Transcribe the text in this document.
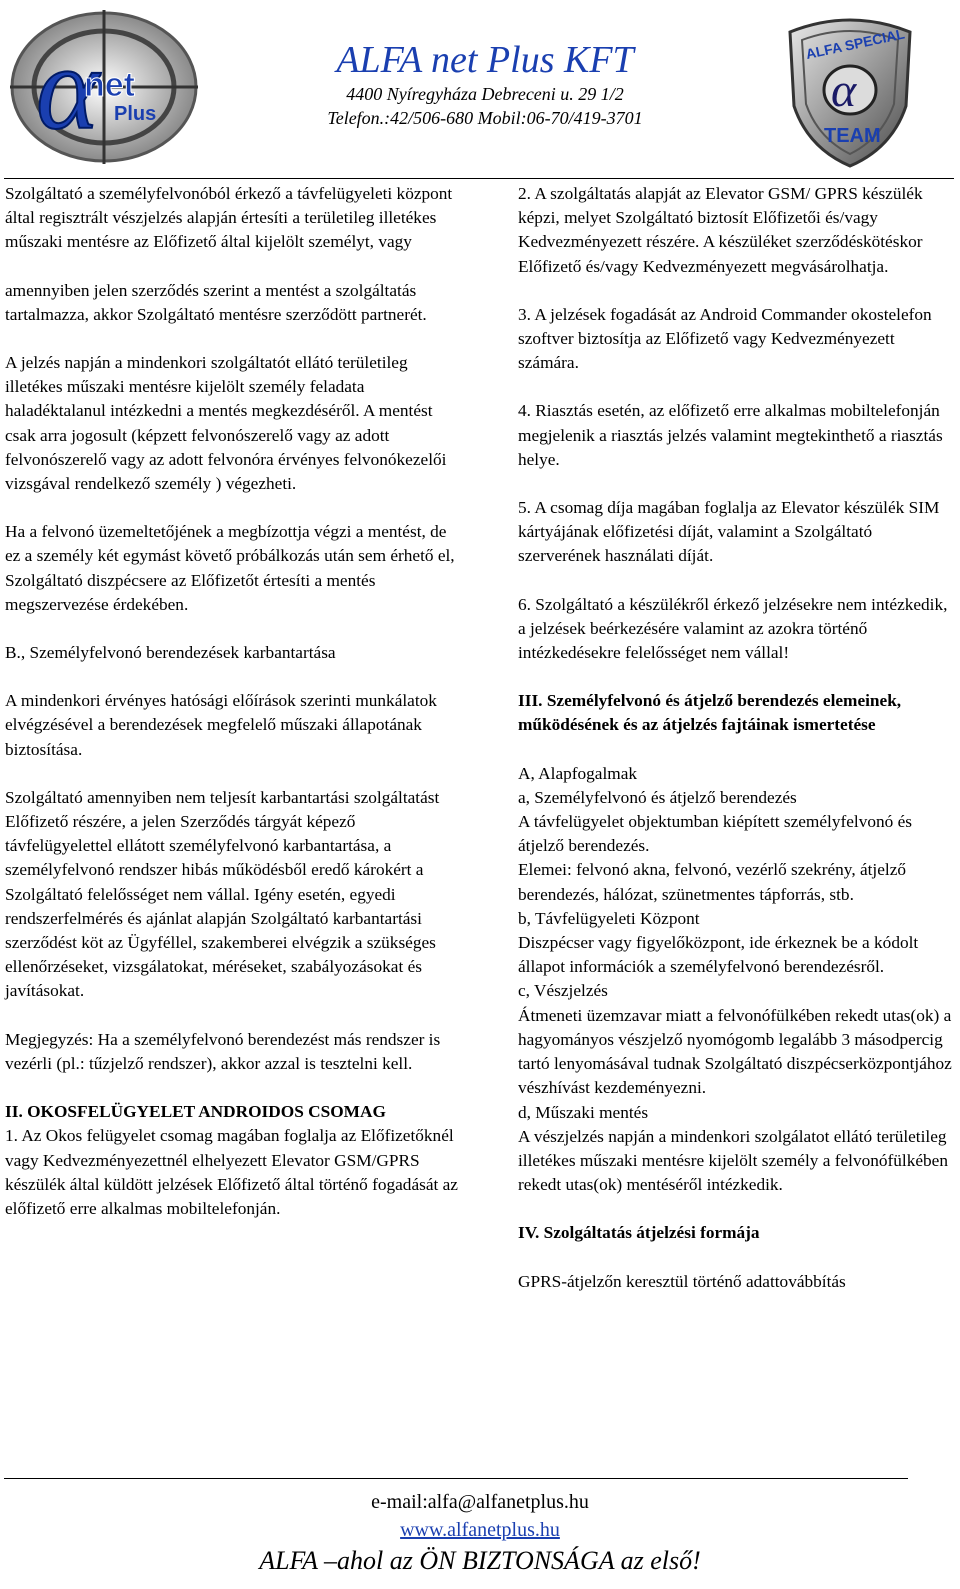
α
net
Plus
ALFA net Plus KFT
4400 Nyíregyháza Debreceni u. 29 1/2
Telefon.:42/506-680 Mobil:06-70/419-3701
α
ALFA SPECIAL
TEAM

Szolgáltató a személyfelvonóból érkező a távfelügyeleti központ által regisztrált vészjelzés alapján értesíti a területileg illetékes műszaki mentésre az Előfizető által kijelölt személyt, vagy

amennyiben jelen szerződés szerint a mentést a szolgáltatás tartalmazza, akkor Szolgáltató mentésre szerződött partnerét.

A jelzés napján a mindenkori szolgáltatót ellátó területileg illetékes műszaki mentésre kijelölt személy feladata haladéktalanul intézkedni a mentés megkezdéséről. A mentést csak arra jogosult (képzett felvonószerelő vagy az adott felvonószerelő vagy az adott felvonóra érvényes felvonókezelői vizsgával rendelkező személy ) végezheti.

Ha a felvonó üzemeltetőjének a megbízottja végzi a mentést, de ez a személy két egymást követő próbálkozás után sem érhető el, Szolgáltató diszpécsere az Előfizetőt értesíti a mentés megszervezése érdekében.

B., Személyfelvonó berendezések karbantartása

A mindenkori érvényes hatósági előírások szerinti munkálatok elvégzésével a berendezések megfelelő műszaki állapotának biztosítása.

Szolgáltató amennyiben nem teljesít karbantartási szolgáltatást Előfizető részére, a jelen Szerződés tárgyát képező távfelügyelettel ellátott személyfelvonó karbantartása, a személyfelvonó rendszer hibás működésből eredő károkért a Szolgáltató felelősséget nem vállal. Igény esetén, egyedi rendszerfelmérés és ajánlat alapján Szolgáltató karbantartási szerződést köt az Ügyféllel, szakemberei elvégzik a szükséges ellenőrzéseket, vizsgálatokat, méréseket, szabályozásokat és javításokat.

Megjegyzés: Ha a személyfelvonó berendezést más rendszer is vezérli (pl.: tűzjelző rendszer), akkor azzal is tesztelni kell.

II. OKOSFELÜGYELET ANDROIDOS CSOMAG

1. Az Okos felügyelet csomag magában foglalja az Előfizetőknél vagy Kedvezményezettnél elhelyezett Elevator GSM/GPRS készülék által küldött jelzések Előfizető által történő fogadását az előfizető erre alkalmas mobiltelefonján.

2. A szolgáltatás alapját az Elevator GSM/ GPRS készülék képzi, melyet Szolgáltató biztosít Előfizetői és/vagy Kedvezményezett részére. A készüléket szerződéskötéskor Előfizető és/vagy Kedvezményezett megvásárolhatja.

3. A jelzések fogadását az Android Commander okostelefon szoftver biztosítja az Előfizető vagy Kedvezményezett számára.

4. Riasztás esetén, az előfizető erre alkalmas mobiltelefonján megjelenik a riasztás jelzés valamint megtekinthető a riasztás helye.

5. A csomag díja magában foglalja az Elevator készülék SIM kártyájának előfizetési díját, valamint a Szolgáltató szerverének használati díját.

6. Szolgáltató a készülékről érkező jelzésekre nem intézkedik, a jelzések beérkezésére valamint az azokra történő intézkedésekre felelősséget nem vállal!

III. Személyfelvonó és átjelző berendezés elemeinek, működésének és az átjelzés fajtáinak ismertetése

A, Alapfogalmak

a, Személyfelvonó és átjelző berendezés

A távfelügyelet objektumban kiépített személyfelvonó és átjelző berendezés.

Elemei: felvonó akna, felvonó, vezérlő szekrény, átjelző berendezés, hálózat, szünetmentes tápforrás, stb.

b, Távfelügyeleti Központ

Diszpécser vagy figyelőközpont, ide érkeznek be a kódolt állapot információk a személyfelvonó berendezésről.

c, Vészjelzés

Átmeneti üzemzavar miatt a felvonófülkében rekedt utas(ok) a hagyományos vészjelző nyomógomb legalább 3 másodpercig tartó lenyomásával tudnak Szolgáltató diszpécserközpontjához vészhívást kezdeményezni.

d, Műszaki mentés

A vészjelzés napján a mindenkori szolgálatot ellátó területileg illetékes műszaki mentésre kijelölt személy a felvonófülkében rekedt utas(ok) mentéséről intézkedik.

IV. Szolgáltatás átjelzési formája

GPRS-átjelzőn keresztül történő adattovábbítás

e-mail:alfa@alfanetplus.hu
www.alfanetplus.hu
ALFA –ahol az ÖN BIZTONSÁGA az első!
